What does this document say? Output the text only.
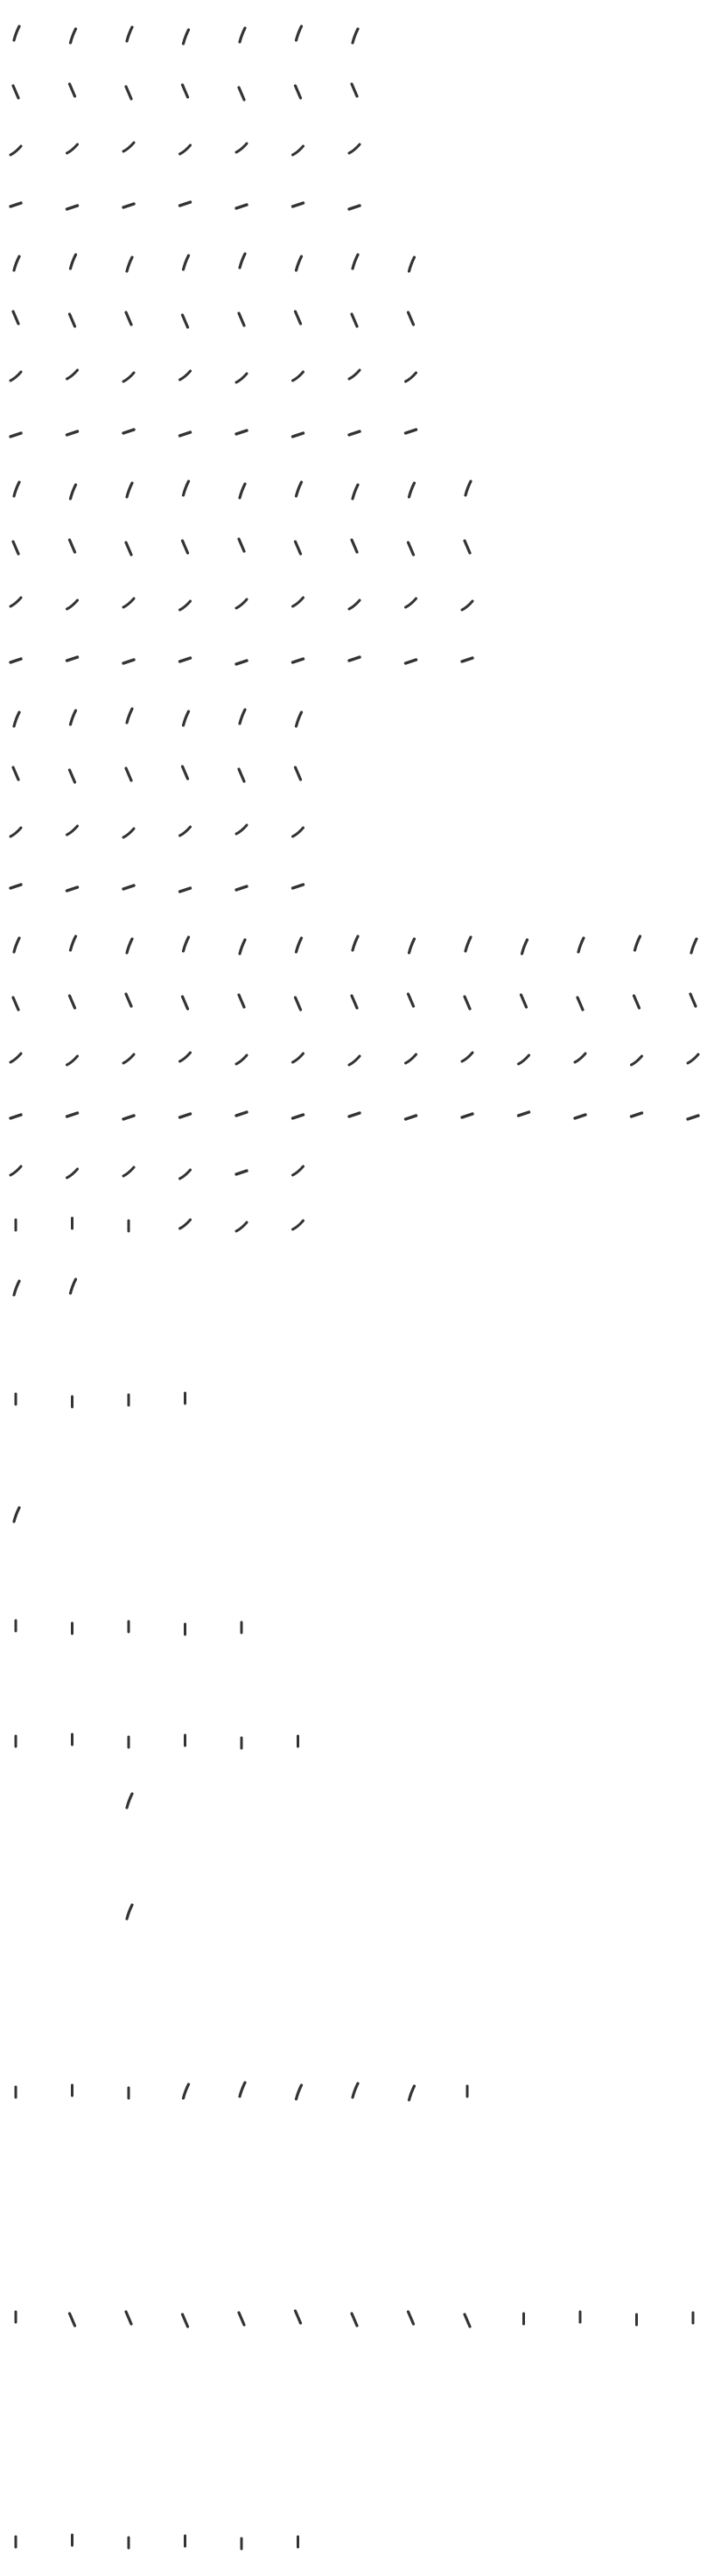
/ = forward slant
\ = back slant
~ = shallow slant
- = flat dash
| = upright tick
